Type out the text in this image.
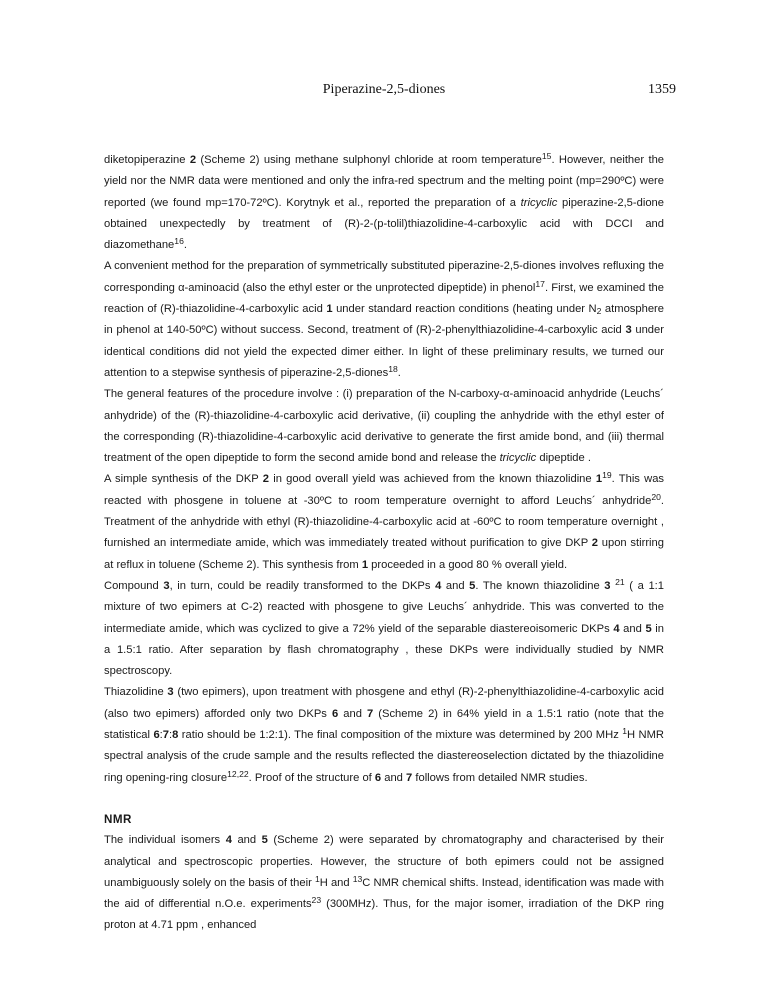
Piperazine-2,5-diones	1359

diketopiperazine 2 (Scheme 2) using methane sulphonyl chloride at room temperature$^{15}$. However, neither the yield nor the NMR data were mentioned and only the infra-red spectrum and the melting point (mp=290ºC) were reported (we found mp=170-72ºC). Korytnyk et al., reported the preparation of a tricyclic piperazine-2,5-dione obtained unexpectedly by treatment of (R)-2-(p-tolil)thiazolidine-4-carboxylic acid with DCCI and diazomethane$^{16}$.

A convenient method for the preparation of symmetrically substituted piperazine-2,5-diones involves refluxing the corresponding α-aminoacid (also the ethyl ester or the unprotected dipeptide) in phenol$^{17}$. First, we examined the reaction of (R)-thiazolidine-4-carboxylic acid 1 under standard reaction conditions (heating under $N_2$ atmosphere in phenol at 140-50ºC) without success. Second, treatment of (R)-2-phenylthiazolidine-4-carboxylic acid 3 under identical conditions did not yield the expected dimer either. In light of these preliminary results, we turned our attention to a stepwise synthesis of piperazine-2,5-diones$^{18}$.

The general features of the procedure involve : (i) preparation of the N-carboxy-α-aminoacid anhydride (Leuchs´ anhydride) of the (R)-thiazolidine-4-carboxylic acid derivative, (ii) coupling the anhydride with the ethyl ester of the corresponding (R)-thiazolidine-4-carboxylic acid derivative to generate the first amide bond, and (iii) thermal treatment of the open dipeptide to form the second amide bond and release the tricyclic dipeptide .

A simple synthesis of the DKP 2 in good overall yield was achieved from the known thiazolidine $1^{19}$. This was reacted with phosgene in toluene at -30ºC to room temperature overnight to afford Leuchs´ anhydride$^{20}$. Treatment of the anhydride with ethyl (R)-thiazolidine-4-carboxylic acid at -60ºC to room temperature overnight , furnished an intermediate amide, which was immediately treated without purification to give DKP 2 upon stirring at reflux in toluene (Scheme 2). This synthesis from 1 proceeded in a good 80 % overall yield.

Compound 3, in turn, could be readily transformed to the DKPs 4 and 5. The known thiazolidine 3 $^{21}$ ( a 1:1 mixture of two epimers at C-2) reacted with phosgene to give Leuchs´ anhydride. This was converted to the intermediate amide, which was cyclized to give a 72% yield of the separable diastereoisomeric DKPs 4 and 5 in a 1.5:1 ratio. After separation by flash chromatography , these DKPs were individually studied by NMR spectroscopy.

Thiazolidine 3 (two epimers), upon treatment with phosgene and ethyl (R)-2-phenylthiazolidine-4-carboxylic acid (also two epimers) afforded only two DKPs 6 and 7 (Scheme 2) in 64% yield in a 1.5:1 ratio (note that the statistical 6:7:8 ratio should be 1:2:1). The final composition of the mixture was determined by 200 MHz $^1$H NMR spectral analysis of the crude sample and the results reflected the diastereoselection dictated by the thiazolidine ring opening-ring closure$^{12,22}$. Proof of the structure of 6 and 7 follows from detailed NMR studies.

NMR

The individual isomers 4 and 5 (Scheme 2) were separated by chromatography and characterised by their analytical and spectroscopic properties. However, the structure of both epimers could not be assigned unambiguously solely on the basis of their $^1$H and $^{13}$C NMR chemical shifts. Instead, identification was made with the aid of differential n.O.e. experiments$^{23}$ (300MHz). Thus, for the major isomer, irradiation of the DKP ring proton at 4.71 ppm , enhanced
